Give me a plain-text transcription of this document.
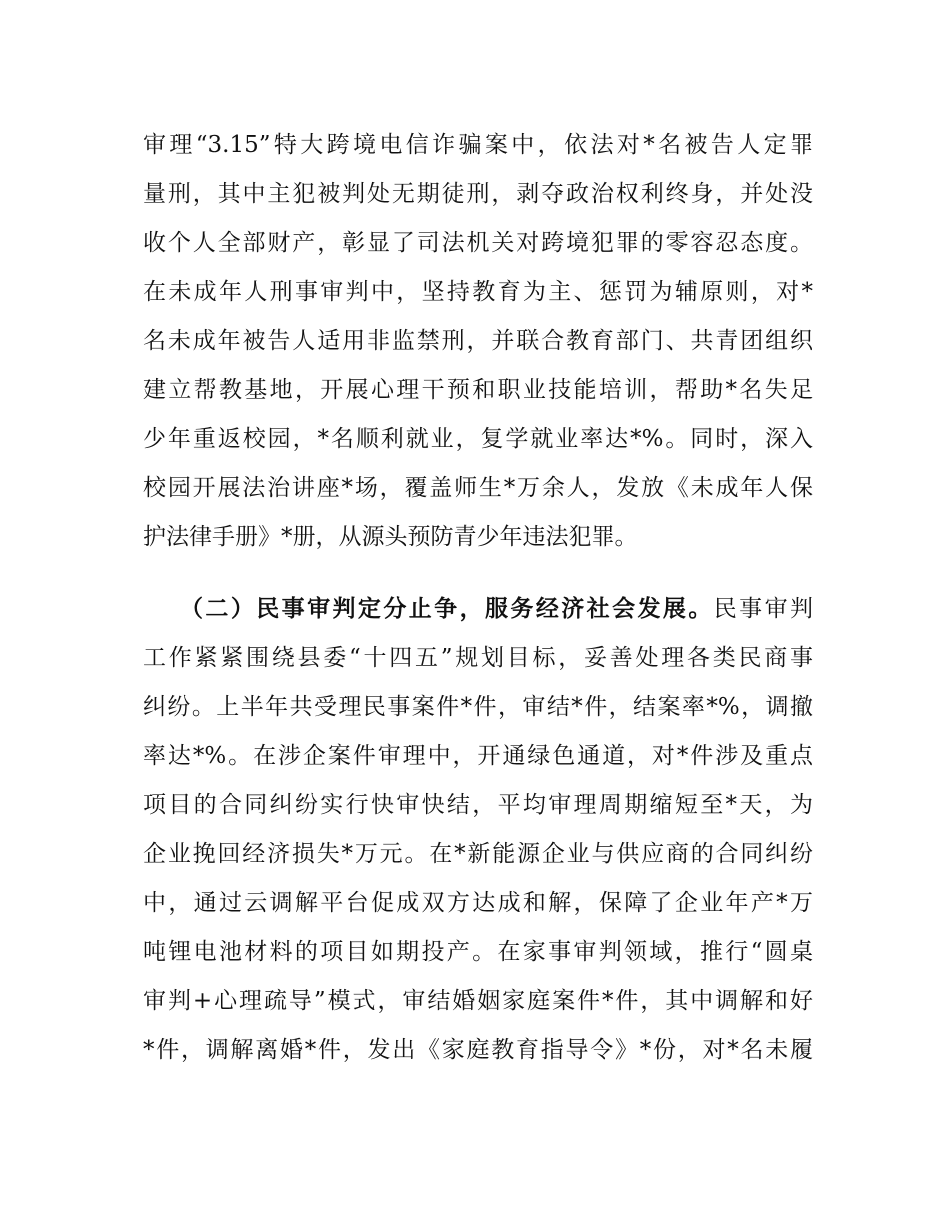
审理“3.15”特大跨境电信诈骗案中，依法对*名被告人定罪
量刑，其中主犯被判处无期徒刑，剥夺政治权利终身，并处没
收个人全部财产，彰显了司法机关对跨境犯罪的零容忍态度。
在未成年人刑事审判中，坚持教育为主、惩罚为辅原则，对*
名未成年被告人适用非监禁刑，并联合教育部门、共青团组织
建立帮教基地，开展心理干预和职业技能培训，帮助*名失足
少年重返校园，*名顺利就业，复学就业率达*%。同时，深入
校园开展法治讲座*场，覆盖师生*万余人，发放《未成年人保
护法律手册》*册，从源头预防青少年违法犯罪。
（二）民事审判定分止争，服务经济社会发展。民事审判
工作紧紧围绕县委“十四五”规划目标，妥善处理各类民商事
纠纷。上半年共受理民事案件*件，审结*件，结案率*%，调撤
率达*%。在涉企案件审理中，开通绿色通道，对*件涉及重点
项目的合同纠纷实行快审快结，平均审理周期缩短至*天，为
企业挽回经济损失*万元。在*新能源企业与供应商的合同纠纷
中，通过云调解平台促成双方达成和解，保障了企业年产*万
吨锂电池材料的项目如期投产。在家事审判领域，推行“圆桌
审判+心理疏导”模式，审结婚姻家庭案件*件，其中调解和好
*件，调解离婚*件，发出《家庭教育指导令》*份，对*名未履
